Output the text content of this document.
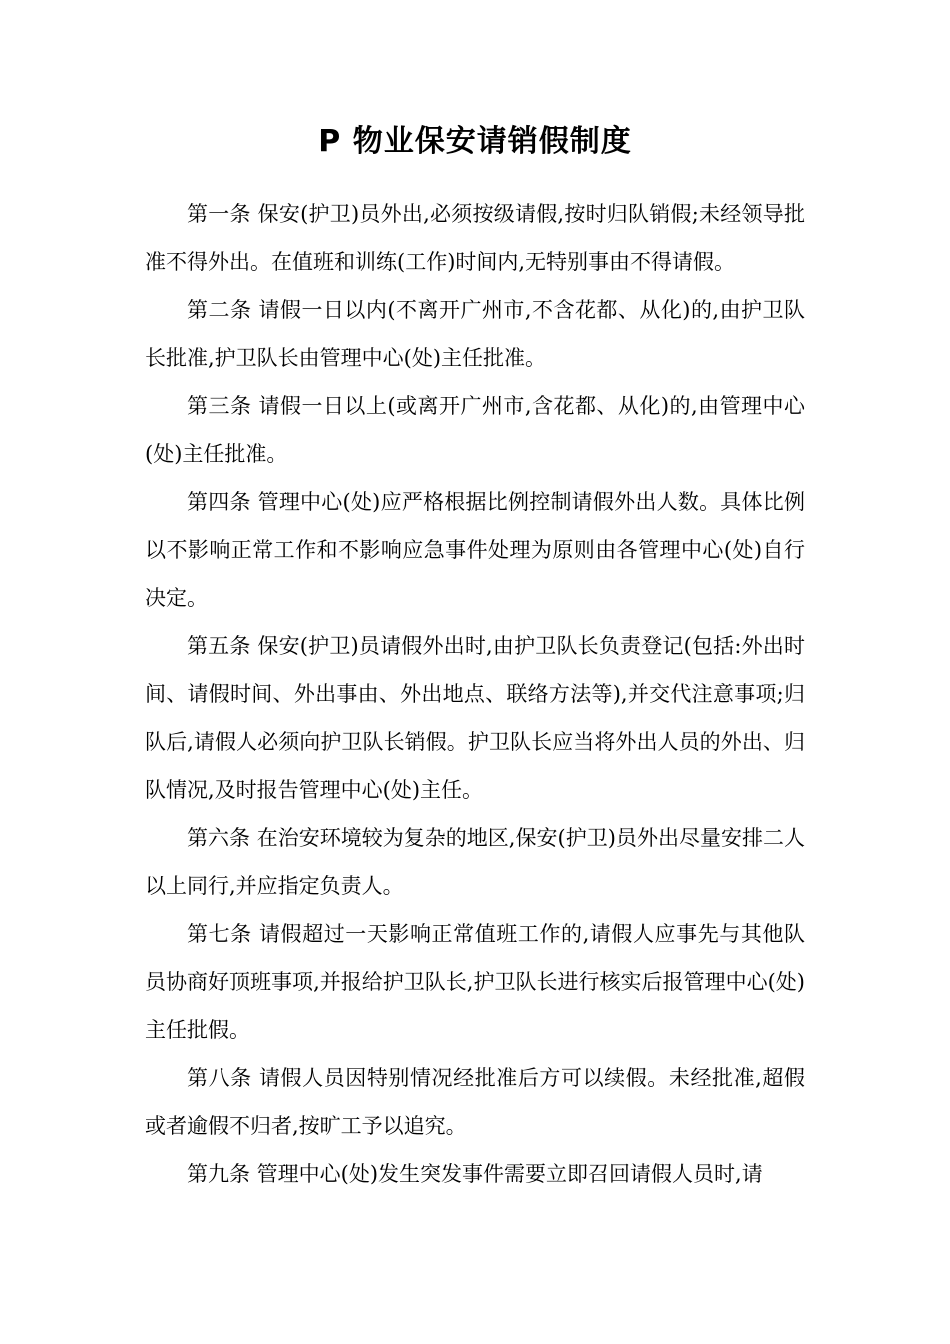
P 物业保安请销假制度

第一条 保安(护卫)员外出,必须按级请假,按时归队销假;未经领导批准不得外出。在值班和训练(工作)时间内,无特别事由不得请假。

第二条 请假一日以内(不离开广州市,不含花都、从化)的,由护卫队长批准,护卫队长由管理中心(处)主任批准。

第三条 请假一日以上(或离开广州市,含花都、从化)的,由管理中心(处)主任批准。

第四条 管理中心(处)应严格根据比例控制请假外出人数。具体比例以不影响正常工作和不影响应急事件处理为原则由各管理中心(处)自行决定。

第五条 保安(护卫)员请假外出时,由护卫队长负责登记(包括:外出时间、请假时间、外出事由、外出地点、联络方法等),并交代注意事项;归队后,请假人必须向护卫队长销假。护卫队长应当将外出人员的外出、归队情况,及时报告管理中心(处)主任。

第六条 在治安环境较为复杂的地区,保安(护卫)员外出尽量安排二人以上同行,并应指定负责人。

第七条 请假超过一天影响正常值班工作的,请假人应事先与其他队员协商好顶班事项,并报给护卫队长,护卫队长进行核实后报管理中心(处)主任批假。

第八条 请假人员因特别情况经批准后方可以续假。未经批准,超假或者逾假不归者,按旷工予以追究。

第九条 管理中心(处)发生突发事件需要立即召回请假人员时,请
